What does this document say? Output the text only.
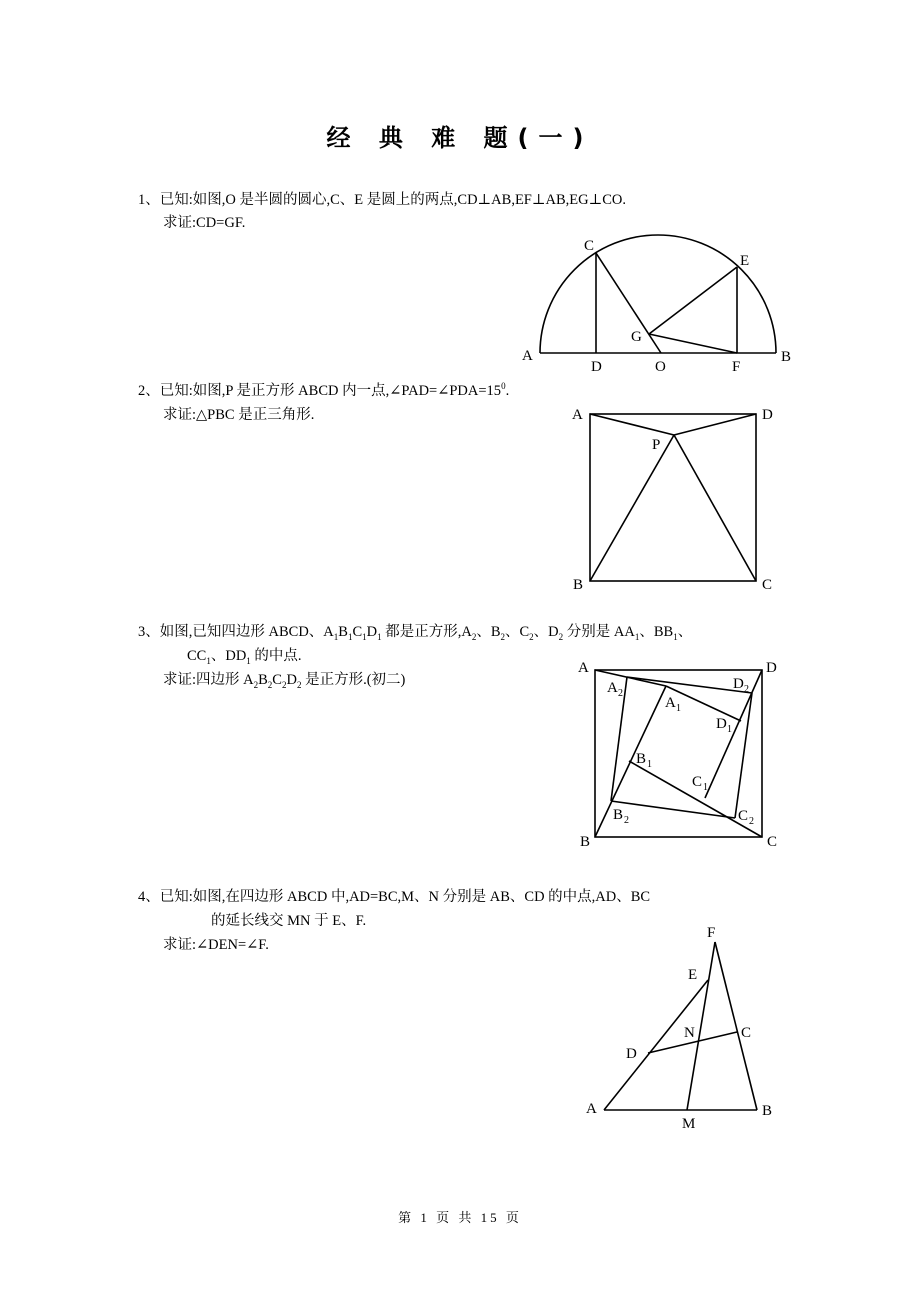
经 典 难 题(一)
1、已知:如图,O 是半圆的圆心,C、E 是圆上的两点,CD⊥AB,EF⊥AB,EG⊥CO.
求证:CD=GF.
2、已知:如图,P 是正方形 ABCD 内一点$,\angle PAD=\angle PDA=15^0$.
求证:△PBC 是正三角形.
3、如图,已知四边形 ABCD、$A_1B_1C_1D_1$ 都是正方形$,A_2$、$B_2$、$C_2$、$D_2$ 分别是 $AA_1$、$BB_1$、
$CC_1$、$DD_1$ 的中点.
求证:四边形 $A_2B_2C_2D_2$ 是正方形.(初二)
4、已知:如图,在四边形 ABCD 中,AD=BC,M、N 分别是 AB、CD 的中点,AD、BC
的延长线交 MN 于 E、F.
求证:∠DEN=∠F.
C
E
G
A
D	O	F
B
A	D
P
B	C
A	D
B	C
A 2
A 1
D 2
D 1
B 1
C 1
B 2	C 2
F
E
N	C
D
A	B
M
第 1 页 共 15 页
